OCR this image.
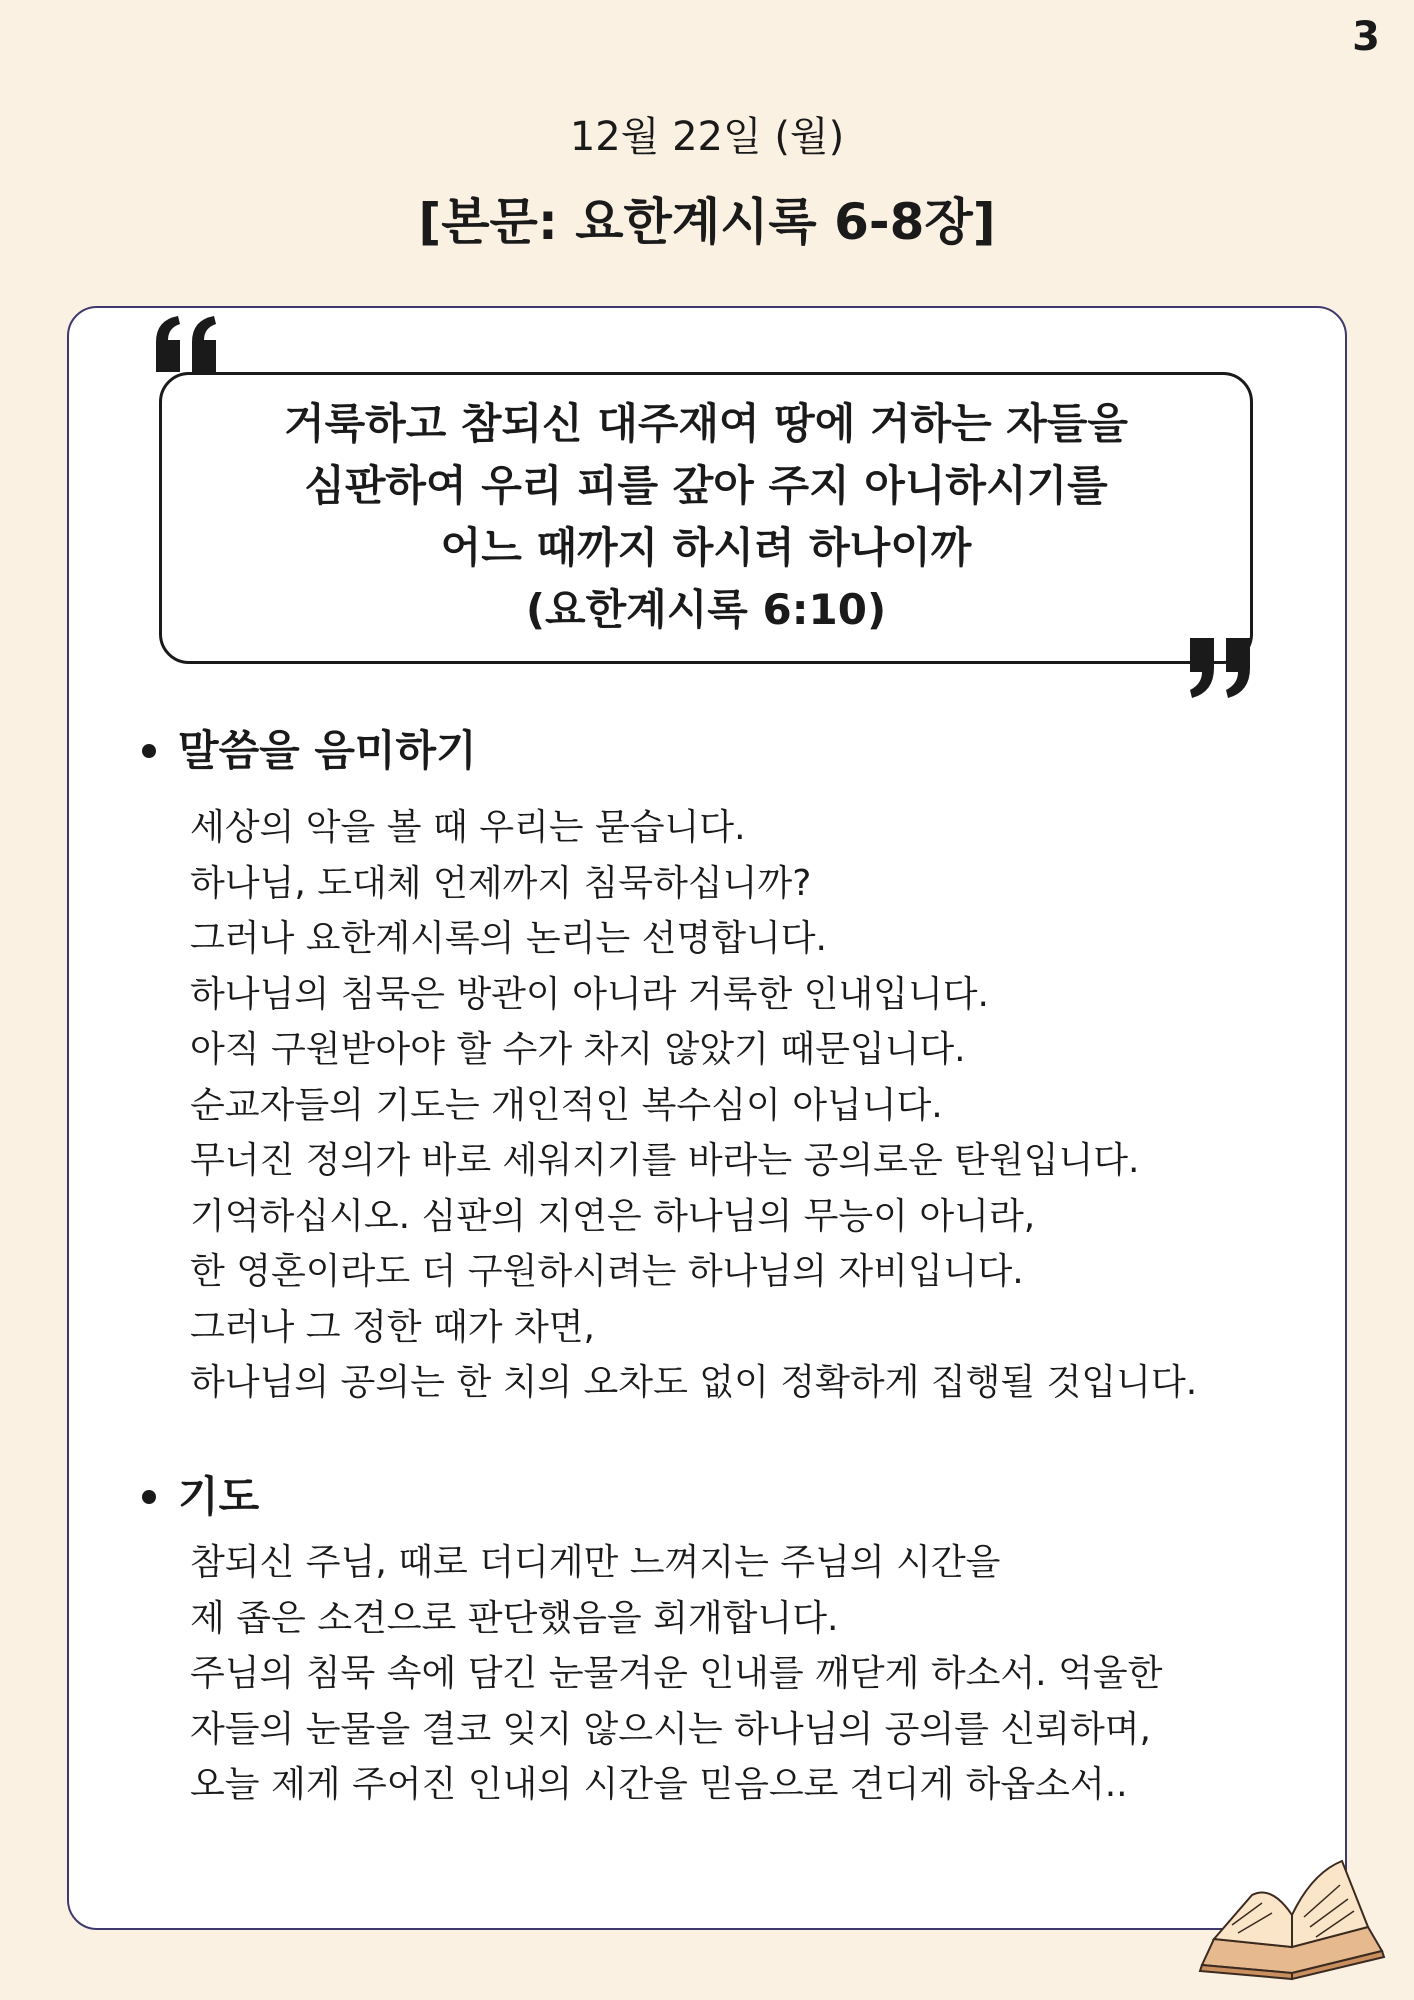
3
12월 22일 (월)
[본문: 요한계시록 6-8장]
거룩하고 참되신 대주재여 땅에 거하는 자들을
심판하여 우리 피를 갚아 주지 아니하시기를
어느 때까지 하시려 하나이까
(요한계시록 6:10)
말씀을 음미하기
세상의 악을 볼 때 우리는 묻습니다.
하나님, 도대체 언제까지 침묵하십니까?
그러나 요한계시록의 논리는 선명합니다.
하나님의 침묵은 방관이 아니라 거룩한 인내입니다.
아직 구원받아야 할 수가 차지 않았기 때문입니다.
순교자들의 기도는 개인적인 복수심이 아닙니다.
무너진 정의가 바로 세워지기를 바라는 공의로운 탄원입니다.
기억하십시오. 심판의 지연은 하나님의 무능이 아니라,
한 영혼이라도 더 구원하시려는 하나님의 자비입니다.
그러나 그 정한 때가 차면,
하나님의 공의는 한 치의 오차도 없이 정확하게 집행될 것입니다.
기도
참되신 주님, 때로 더디게만 느껴지는 주님의 시간을
제 좁은 소견으로 판단했음을 회개합니다.
주님의 침묵 속에 담긴 눈물겨운 인내를 깨닫게 하소서. 억울한
자들의 눈물을 결코 잊지 않으시는 하나님의 공의를 신뢰하며,
오늘 제게 주어진 인내의 시간을 믿음으로 견디게 하옵소서..
